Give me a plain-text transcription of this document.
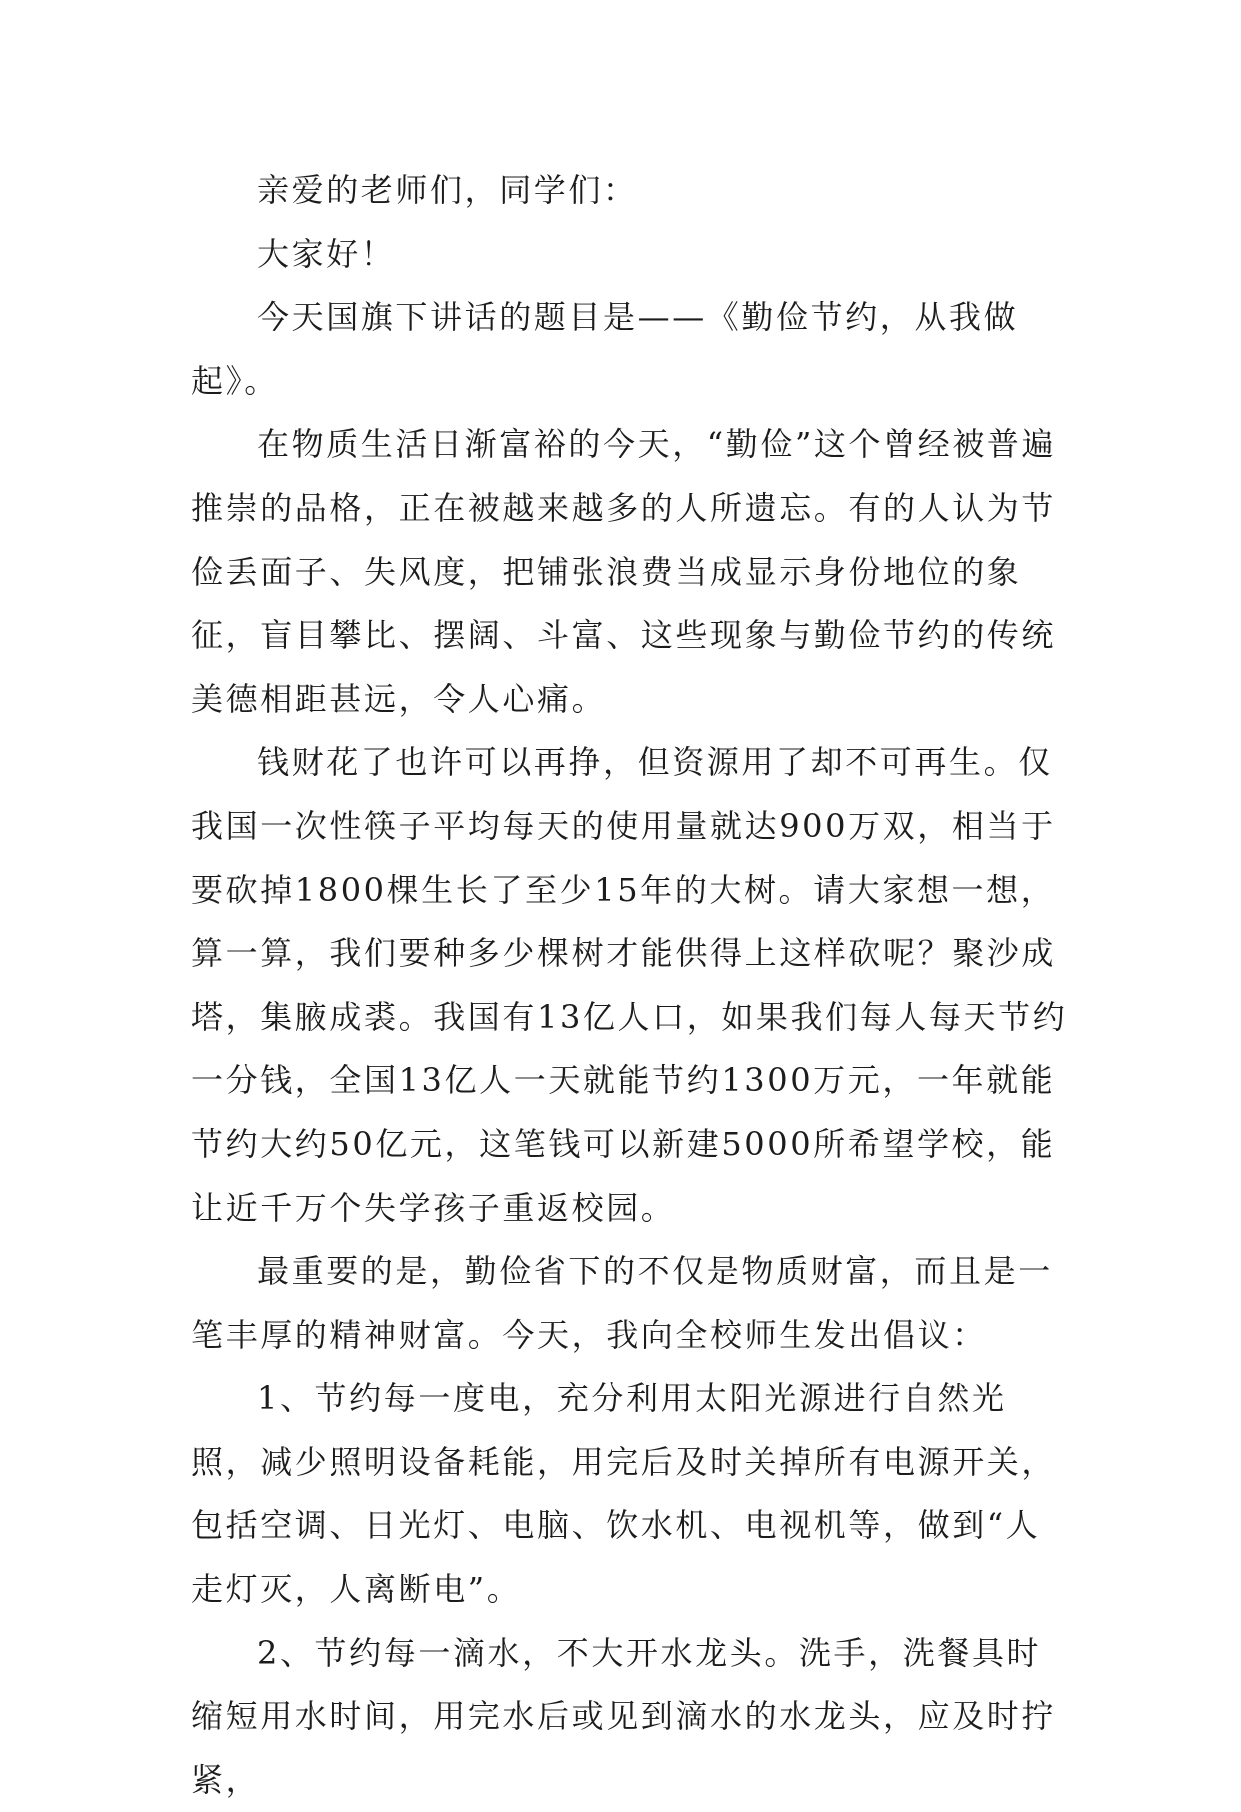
亲爱的老师们，同学们：

大家好！

今天国旗下讲话的题目是——《勤俭节约，从我做起》。

在物质生活日渐富裕的今天，“勤俭”这个曾经被普遍推崇的品格，正在被越来越多的人所遗忘。有的人认为节俭丢面子、失风度，把铺张浪费当成显示身份地位的象征，盲目攀比、摆阔、斗富、这些现象与勤俭节约的传统美德相距甚远，令人心痛。

钱财花了也许可以再挣，但资源用了却不可再生。仅我国一次性筷子平均每天的使用量就达900万双，相当于要砍掉1800棵生长了至少15年的大树。请大家想一想，算一算，我们要种多少棵树才能供得上这样砍呢？聚沙成塔，集腋成裘。我国有13亿人口，如果我们每人每天节约一分钱，全国13亿人一天就能节约1300万元，一年就能节约大约50亿元，这笔钱可以新建5000所希望学校，能让近千万个失学孩子重返校园。

最重要的是，勤俭省下的不仅是物质财富，而且是一笔丰厚的精神财富。今天，我向全校师生发出倡议：

1、节约每一度电，充分利用太阳光源进行自然光照，减少照明设备耗能，用完后及时关掉所有电源开关，包括空调、日光灯、电脑、饮水机、电视机等，做到“人走灯灭，人离断电”。

2、节约每一滴水，不大开水龙头。洗手，洗餐具时缩短用水时间，用完水后或见到滴水的水龙头，应及时拧紧，
